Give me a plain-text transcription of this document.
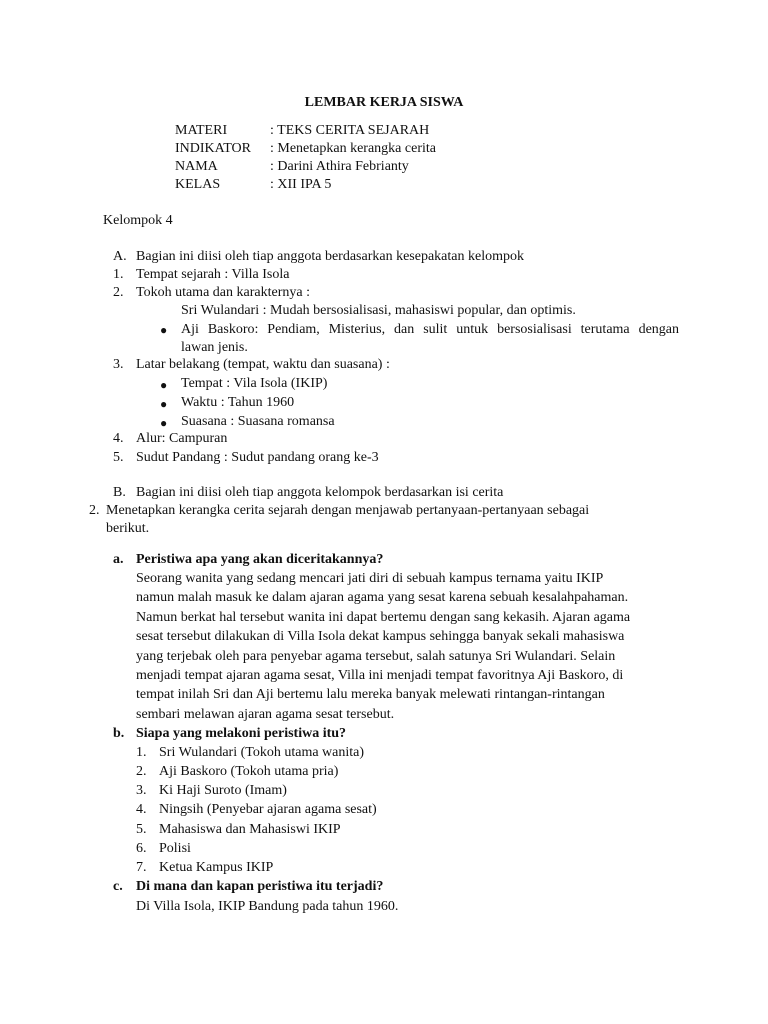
LEMBAR KERJA SISWA
MATERI	: TEKS CERITA SEJARAH
INDIKATOR : Menetapkan kerangka cerita
NAMA	: Darini Athira Febrianty
KELAS	: XII IPA 5
Kelompok 4
A. Bagian ini diisi oleh tiap anggota berdasarkan kesepakatan kelompok
1. Tempat sejarah : Villa Isola
2. Tokoh utama dan karakternya :
Sri Wulandari : Mudah bersosialisasi, mahasiswi popular, dan optimis.
● Aji Baskoro: Pendiam, Misterius, dan sulit untuk bersosialisasi terutama dengan
lawan jenis.
3. Latar belakang (tempat, waktu dan suasana) :
● Tempat : Vila Isola (IKIP)
● Waktu : Tahun 1960
● Suasana : Suasana romansa
4. Alur: Campuran
5. Sudut Pandang : Sudut pandang orang ke-3
B. Bagian ini diisi oleh tiap anggota kelompok berdasarkan isi cerita
2. Menetapkan kerangka cerita sejarah dengan menjawab pertanyaan-pertanyaan sebagai
berikut.
a. Peristiwa apa yang akan diceritakannya?
Seorang wanita yang sedang mencari jati diri di sebuah kampus ternama yaitu IKIP
namun malah masuk ke dalam ajaran agama yang sesat karena sebuah kesalahpahaman.
Namun berkat hal tersebut wanita ini dapat bertemu dengan sang kekasih. Ajaran agama
sesat tersebut dilakukan di Villa Isola dekat kampus sehingga banyak sekali mahasiswa
yang terjebak oleh para penyebar agama tersebut, salah satunya Sri Wulandari. Selain
menjadi tempat ajaran agama sesat, Villa ini menjadi tempat favoritnya Aji Baskoro, di
tempat inilah Sri dan Aji bertemu lalu mereka banyak melewati rintangan-rintangan
sembari melawan ajaran agama sesat tersebut.
b. Siapa yang melakoni peristiwa itu?
1. Sri Wulandari (Tokoh utama wanita)
2. Aji Baskoro (Tokoh utama pria)
3. Ki Haji Suroto (Imam)
4. Ningsih (Penyebar ajaran agama sesat)
5. Mahasiswa dan Mahasiswi IKIP
6. Polisi
7. Ketua Kampus IKIP
c. Di mana dan kapan peristiwa itu terjadi?
Di Villa Isola, IKIP Bandung pada tahun 1960.
